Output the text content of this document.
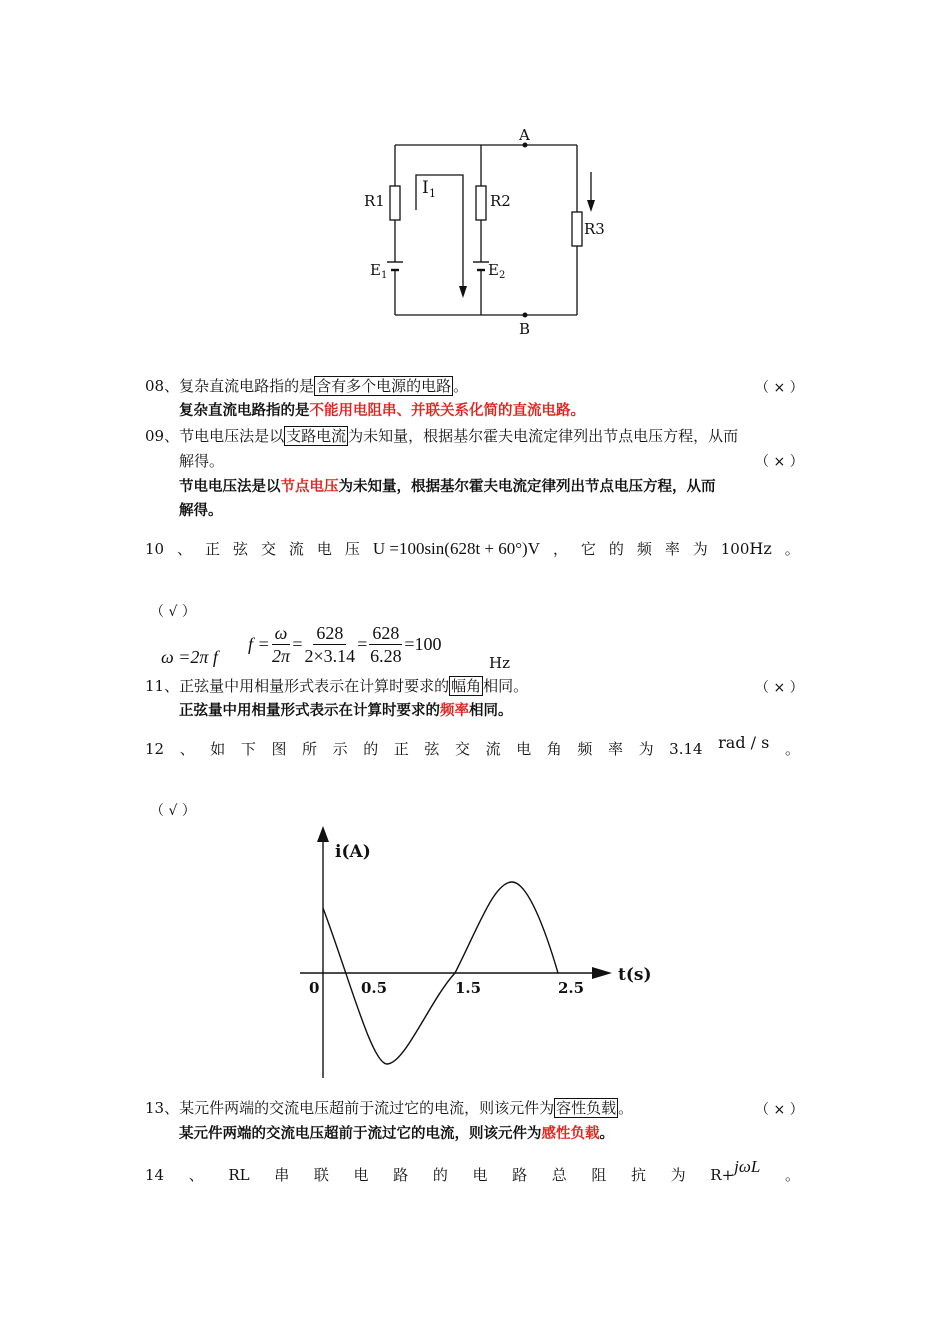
A
B
R1	R2
R3
I 1
E 1	E 2
08、复杂直流电路指的是 含有多个电源的电路 。	（ × ）
复杂直流电路指的是不能用电阻串、并联关系化简的直流电路。
09、节电电压法是以 支路电流 为未知量，根据基尔霍夫电流定律列出节点电压方程，从而
解得。	（ × ）
节电电压法是以节点电压为未知量，根据基尔霍夫电流定律列出节点电压方程，从而
解得。
10 、 正 弦 交 流 电 压 U =100sin(628t + 60°)V ， 它 的 频 率 为 100Hz 。
（ √ ）
ω =2π f
$f = \frac{\omega}{2\pi} = \frac{628}{2\times 3.14} = \frac{628}{6.28} =100$
Hz
11、正弦量中用相量形式表示在计算时要求的 幅角 相同。	（ × ）
正弦量中用相量形式表示在计算时要求的频率相同。
12 、 如 下 图 所 示 的 正 弦 交 流 电 角 频 率 为 3.14 rad / s 。
（ √ ）
i(A)
t(s)
0	0.5	1.5	2.5
13、某元件两端的交流电压超前于流过它的电流，则该元件为 容性负载 。	（ × ）
某元件两端的交流电压超前于流过它的电流，则该元件为感性负载。
14 、 RL 串 联 电 路 的 电 路 总 阻 抗 为 R+jωL 。
